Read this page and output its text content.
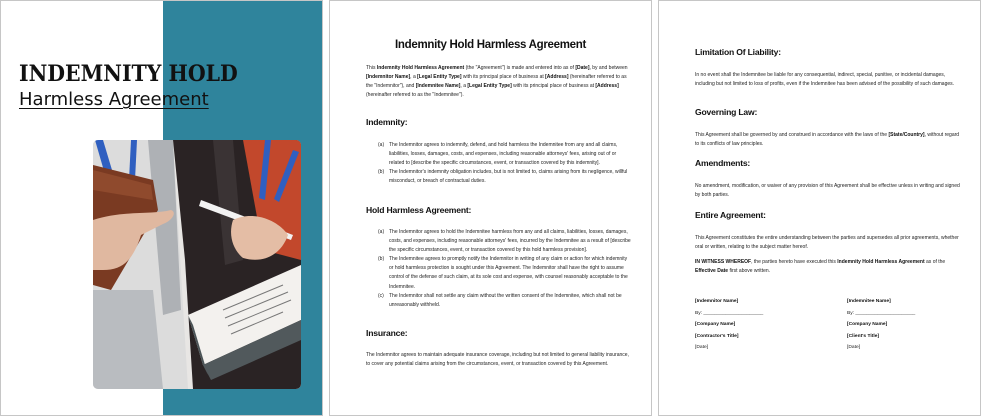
INDEMNITY HOLD
Harmless Agreement
Indemnity Hold Harmless Agreement

This Indemnity Hold Harmless Agreement (the "Agreement") is made and entered into as of [Date], by and between [Indemnitor Name], a [Legal Entity Type] with its principal place of business at [Address] (hereinafter referred to as the "Indemnitor"), and [Indemnitee Name], a [Legal Entity Type] with its principal place of business at [Address] (hereinafter referred to as the "Indemnitee").

Indemnity:
(a) The Indemnitor agrees to indemnify, defend, and hold harmless the Indemnitee from any and all claims, liabilities, losses, damages, costs, and expenses, including reasonable attorneys' fees, arising out of or related to [describe the specific circumstances, event, or transaction covered by this indemnity].
(b) The Indemnitor's indemnity obligation includes, but is not limited to, claims arising from its negligence, willful misconduct, or breach of contractual duties.
Hold Harmless Agreement:
(a) The Indemnitor agrees to hold the Indemnitee harmless from any and all claims, liabilities, losses, damages, costs, and expenses, including reasonable attorneys' fees, incurred by the Indemnitee as a result of [describe the specific circumstances, event, or transaction covered by this hold harmless provision].
(b) The Indemnitee agrees to promptly notify the Indemnitor in writing of any claim or action for which indemnity or hold harmless protection is sought under this Agreement. The Indemnitor shall have the right to assume control of the defense of such claim, at its sole cost and expense, with counsel reasonably acceptable to the Indemnitee.
(c) The Indemnitor shall not settle any claim without the written consent of the Indemnitee, which shall not be unreasonably withheld.
Insurance:

The Indemnitor agrees to maintain adequate insurance coverage, including but not limited to general liability insurance, to cover any potential claims arising from the circumstances, event, or transaction covered by this Agreement.

Limitation Of Liability:

In no event shall the Indemnitee be liable for any consequential, indirect, special, punitive, or incidental damages, including but not limited to loss of profits, even if the Indemnitee has been advised of the possibility of such damages.

Governing Law:

This Agreement shall be governed by and construed in accordance with the laws of the [State/Country], without regard to its conflicts of law principles.

Amendments:

No amendment, modification, or waiver of any provision of this Agreement shall be effective unless in writing and signed by both parties.

Entire Agreement:

This Agreement constitutes the entire understanding between the parties and supersedes all prior agreements, whether oral or written, relating to the subject matter hereof.

IN WITNESS WHEREOF, the parties hereto have executed this Indemnity Hold Harmless Agreement as of the Effective Date first above written.

[Indemnitor Name]
By: ______________________
[Company Name]
[Contractor's Title]
[Date]
[Indemnitee Name]
By: ______________________
[Company Name]
[Client's Title]
[Date]
